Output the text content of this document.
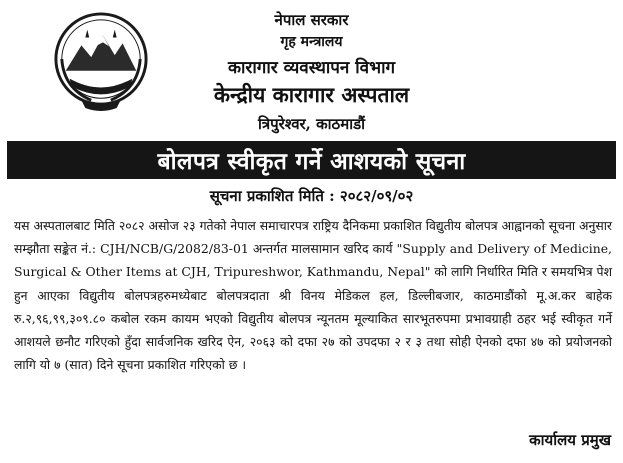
नेपाल सरकार
गृह मन्त्रालय
कारागार व्यवस्थापन विभाग
केन्द्रीय कारागार अस्पताल
त्रिपुरेश्वर, काठमाडौं
बोलपत्र स्वीकृत गर्ने आशयको सूचना
सूचना प्रकाशित मिति : २०८२/०९/०२

यस अस्पतालबाट मिति २०८२ असोज २३ गतेको नेपाल समाचारपत्र राष्ट्रिय दैनिकमा प्रकाशित विद्युतीय बोलपत्र आह्वानको सूचना अनुसार सम्झौता सङ्केत नं.: CJH/NCB/G/2082/83-01 अन्तर्गत मालसामान खरिद कार्य "Supply and Delivery of Medicine, Surgical & Other Items at CJH, Tripureshwor, Kathmandu, Nepal" को लागि निर्धारित मिति र समयभित्र पेश हुन आएका विद्युतीय बोलपत्रहरुमध्येबाट बोलपत्रदाता श्री विनय मेडिकल हल, डिल्लीबजार, काठमाडौंको मू.अ.कर बाहेक रु.२,९६,९९,३०९.८० कबोल रकम कायम भएको विद्युतीय बोलपत्र न्यूनतम मूल्याकित सारभूतरुपमा प्रभावग्राही ठहर भई स्वीकृत गर्ने आशयले छनौट गरिएको हुँदा सार्वजनिक खरिद ऐन, २०६३ को दफा २७ को उपदफा २ र ३ तथा सोही ऐनको दफा ४७ को प्रयोजनको लागि यो ७ (सात) दिने सूचना प्रकाशित गरिएको छ ।

कार्यालय प्रमुख
